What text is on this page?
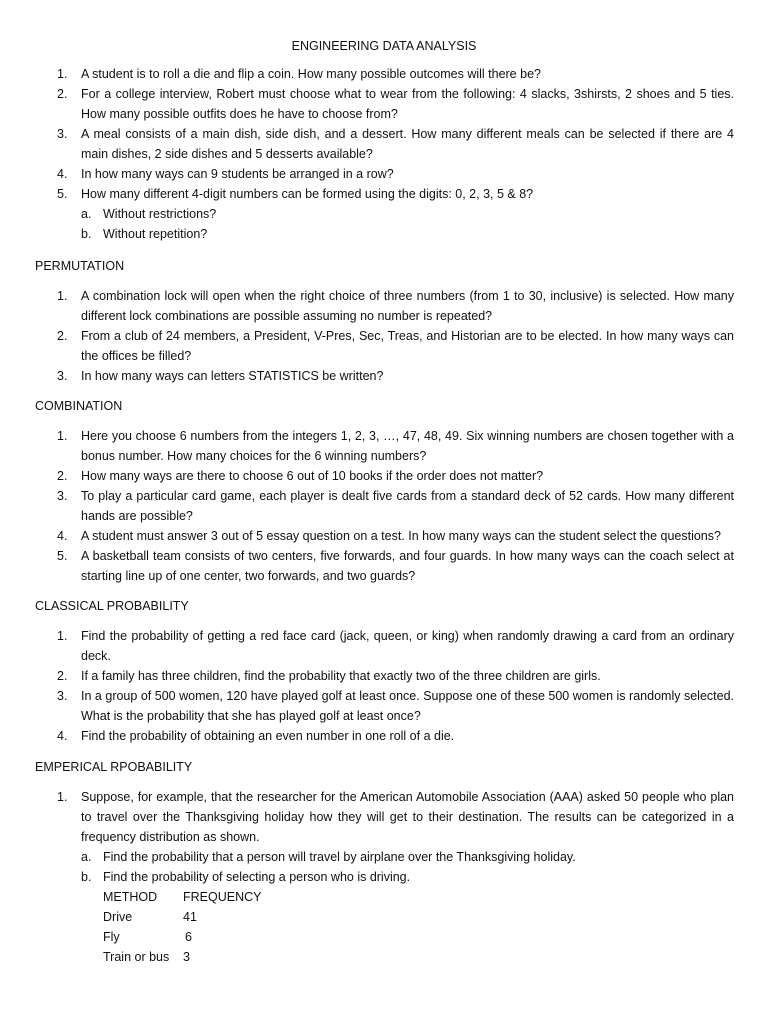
ENGINEERING DATA ANALYSIS
1. A student is to roll a die and flip a coin. How many possible outcomes will there be?
2. For a college interview, Robert must choose what to wear from the following: 4 slacks, 3shirsts, 2 shoes and 5 ties. How many possible outfits does he have to choose from?
3. A meal consists of a main dish, side dish, and a dessert. How many different meals can be selected if there are 4 main dishes, 2 side dishes and 5 desserts available?
4. In how many ways can 9 students be arranged in a row?
5. How many different 4-digit numbers can be formed using the digits: 0, 2, 3, 5 & 8?
a. Without restrictions?
b. Without repetition?
PERMUTATION
1. A combination lock will open when the right choice of three numbers (from 1 to 30, inclusive) is selected. How many different lock combinations are possible assuming no number is repeated?
2. From a club of 24 members, a President, V-Pres, Sec, Treas, and Historian are to be elected. In how many ways can the offices be filled?
3. In how many ways can letters STATISTICS be written?
COMBINATION
1. Here you choose 6 numbers from the integers 1, 2, 3, …, 47, 48, 49. Six winning numbers are chosen together with a bonus number. How many choices for the 6 winning numbers?
2. How many ways are there to choose 6 out of 10 books if the order does not matter?
3. To play a particular card game, each player is dealt five cards from a standard deck of 52 cards. How many different hands are possible?
4. A student must answer 3 out of 5 essay question on a test. In how many ways can the student select the questions?
5. A basketball team consists of two centers, five forwards, and four guards. In how many ways can the coach select at starting line up of one center, two forwards, and two guards?
CLASSICAL PROBABILITY
1. Find the probability of getting a red face card (jack, queen, or king) when randomly drawing a card from an ordinary deck.
2. If a family has three children, find the probability that exactly two of the three children are girls.
3. In a group of 500 women, 120 have played golf at least once. Suppose one of these 500 women is randomly selected. What is the probability that she has played golf at least once?
4. Find the probability of obtaining an even number in one roll of a die.
EMPERICAL RPOBABILITY
1. Suppose, for example, that the researcher for the American Automobile Association (AAA) asked 50 people who plan to travel over the Thanksgiving holiday how they will get to their destination. The results can be categorized in a frequency distribution as shown.
a. Find the probability that a person will travel by airplane over the Thanksgiving holiday.
b. Find the probability of selecting a person who is driving.
METHOD	FREQUENCY
Drive	41
Fly	6
Train or bus	3
